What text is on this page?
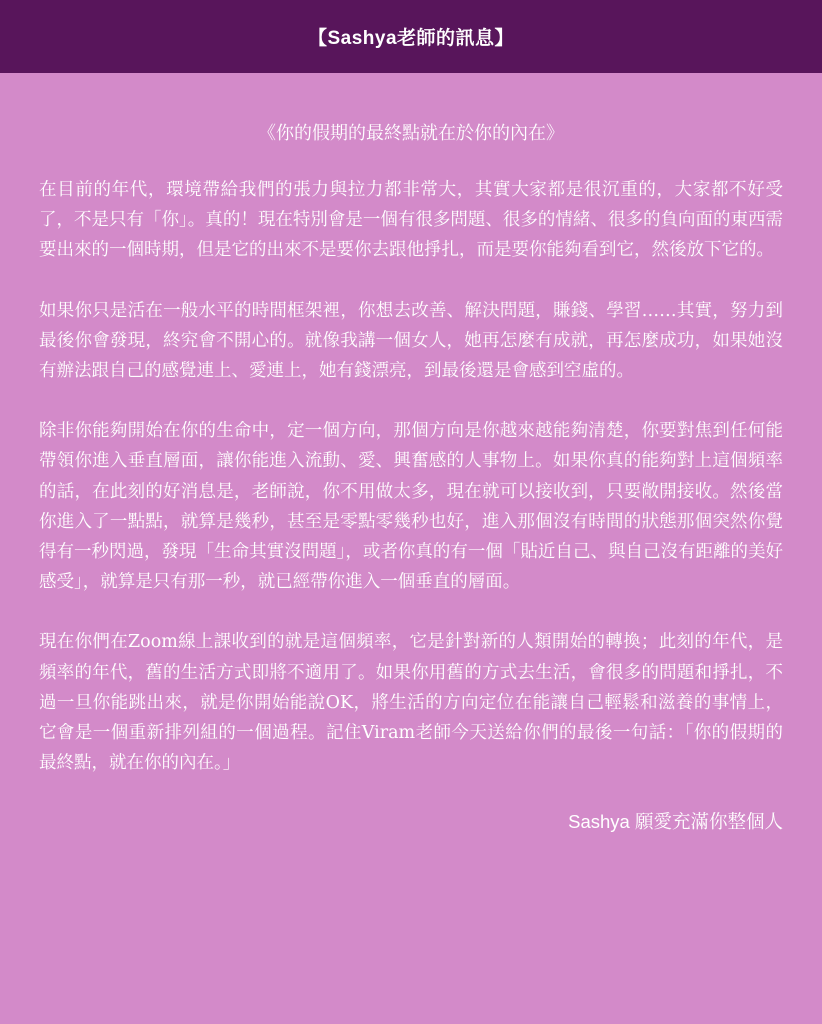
【Sashya老師的訊息】
《你的假期的最終點就在於你的內在》

在目前的年代，環境帶給我們的張力與拉力都非常大，其實大家都是很沉重的，大家都不好受了，不是只有「你」。真的！現在特別會是一個有很多問題、很多的情緒、很多的負向面的東西需要出來的一個時期，但是它的出來不是要你去跟他掙扎，而是要你能夠看到它，然後放下它的。

如果你只是活在一般水平的時間框架裡，你想去改善、解決問題，賺錢、學習……其實，努力到最後你會發現，終究會不開心的。就像我講一個女人，她再怎麼有成就，再怎麼成功，如果她沒有辦法跟自己的感覺連上、愛連上，她有錢漂亮，到最後還是會感到空虛的。

除非你能夠開始在你的生命中，定一個方向，那個方向是你越來越能夠清楚，你要對焦到任何能帶領你進入垂直層面，讓你能進入流動、愛、興奮感的人事物上。如果你真的能夠對上這個頻率的話，在此刻的好消息是，老師說，你不用做太多，現在就可以接收到，只要敞開接收。然後當你進入了一點點，就算是幾秒，甚至是零點零幾秒也好，進入那個沒有時間的狀態那個突然你覺得有一秒閃過，發現「生命其實沒問題」，或者你真的有一個「貼近自己、與自己沒有距離的美好感受」，就算是只有那一秒，就已經帶你進入一個垂直的層面。

現在你們在Zoom線上課收到的就是這個頻率，它是針對新的人類開始的轉換；此刻的年代，是頻率的年代，舊的生活方式即將不適用了。如果你用舊的方式去生活，會很多的問題和掙扎，不過一旦你能跳出來，就是你開始能說OK，將生活的方向定位在能讓自己輕鬆和滋養的事情上，它會是一個重新排列組的一個過程。記住Viram老師今天送給你們的最後一句話：「你的假期的最終點，就在你的內在。」

Sashya 願愛充滿你整個人
